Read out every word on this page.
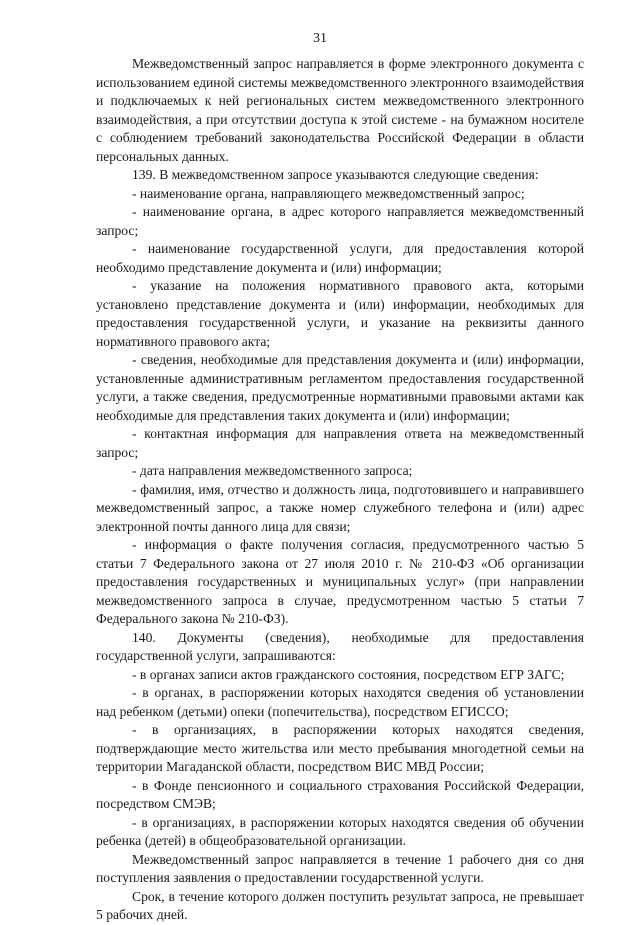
31

Межведомственный запрос направляется в форме электронного документа с использованием единой системы межведомственного электронного взаимодействия и подключаемых к ней региональных систем межведомственного электронного взаимодействия, а при отсутствии доступа к этой системе - на бумажном носителе с соблюдением требований законодательства Российской Федерации в области персональных данных.

139. В межведомственном запросе указываются следующие сведения:

- наименование органа, направляющего межведомственный запрос;

- наименование органа, в адрес которого направляется межведомственный запрос;

- наименование государственной услуги, для предоставления которой необходимо представление документа и (или) информации;

- указание на положения нормативного правового акта, которыми установлено представление документа и (или) информации, необходимых для предоставления государственной услуги, и указание на реквизиты данного нормативного правового акта;

- сведения, необходимые для представления документа и (или) информации, установленные административным регламентом предоставления государственной услуги, а также сведения, предусмотренные нормативными правовыми актами как необходимые для представления таких документа и (или) информации;

- контактная информация для направления ответа на межведомственный запрос;

- дата направления межведомственного запроса;

- фамилия, имя, отчество и должность лица, подготовившего и направившего межведомственный запрос, а также номер служебного телефона и (или) адрес электронной почты данного лица для связи;

- информация о факте получения согласия, предусмотренного частью 5 статьи 7 Федерального закона от 27 июля 2010 г. № 210-ФЗ «Об организации предоставления государственных и муниципальных услуг» (при направлении межведомственного запроса в случае, предусмотренном частью 5 статьи 7 Федерального закона № 210-ФЗ).

140. Документы (сведения), необходимые для предоставления государственной услуги, запрашиваются:

- в органах записи актов гражданского состояния, посредством ЕГР ЗАГС;

- в органах, в распоряжении которых находятся сведения об установлении над ребенком (детьми) опеки (попечительства), посредством ЕГИССО;

- в организациях, в распоряжении которых находятся сведения, подтверждающие место жительства или место пребывания многодетной семьи на территории Магаданской области, посредством ВИС МВД России;

- в Фонде пенсионного и социального страхования Российской Федерации, посредством СМЭВ;

- в организациях, в распоряжении которых находятся сведения об обучении ребенка (детей) в общеобразовательной организации.

Межведомственный запрос направляется в течение 1 рабочего дня со дня поступления заявления о предоставлении государственной услуги.

Срок, в течение которого должен поступить результат запроса, не превышает 5 рабочих дней.
